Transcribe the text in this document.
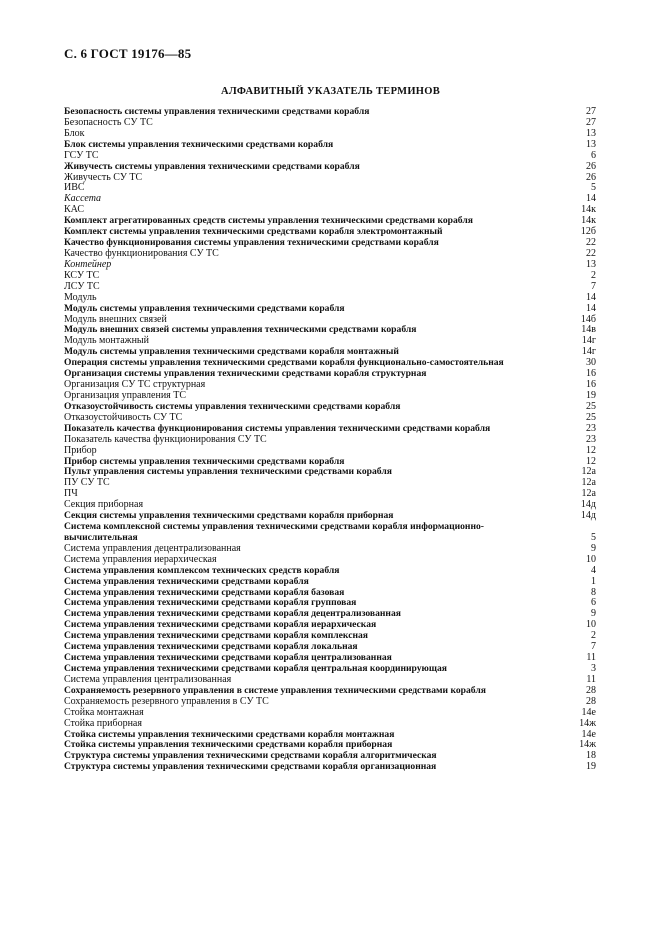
С. 6 ГОСТ 19176—85
АЛФАВИТНЫЙ УКАЗАТЕЛЬ ТЕРМИНОВ
Безопасность системы управления техническими средствами корабля	27
Безопасность СУ ТС	27
Блок	13
Блок системы управления техническими средствами корабля	13
ГСУ ТС	6
Живучесть системы управления техническими средствами корабля	26
Живучесть СУ ТС	26
ИВС	5
Кассета	14
КАС	14к
Комплект агрегатированных средств системы управления техническими средствами корабля	14к
Комплект системы управления техническими средствами корабля электромонтажный	12б
Качество функционирования системы управления техническими средствами корабля	22
Качество функционирования СУ ТС	22
Контейнер	13
КСУ ТС	2
ЛСУ ТС	7
Модуль	14
Модуль системы управления техническими средствами корабля	14
Модуль внешних связей	14б
Модуль внешних связей системы управления техническими средствами корабля	14в
Модуль монтажный	14г
Модуль системы управления техническими средствами корабля монтажный	14г
Операция системы управления техническими средствами корабля функционально-самостоятельная	30
Организация системы управления техническими средствами корабля структурная	16
Организация СУ ТС структурная	16
Организация управления ТС	19
Отказоустойчивость системы управления техническими средствами корабля	25
Отказоустойчивость СУ ТС	25
Показатель качества функционирования системы управления техническими средствами корабля	23
Показатель качества функционирования СУ ТС	23
Прибор	12
Прибор системы управления техническими средствами корабля	12
Пульт управления системы управления техническими средствами корабля	12а
ПУ СУ ТС	12а
ПЧ	12а
Секция приборная	14д
Секция системы управления техническими средствами корабля приборная	14д
Система комплексной системы управления техническими средствами корабля информационно-
вычислительная	5
Система управления децентрализованная	9
Система управления иерархическая	10
Система управления комплексом технических средств корабля	4
Система управления техническими средствами корабля	1
Система управления техническими средствами корабля базовая	8
Система управления техническими средствами корабля групповая	6
Система управления техническими средствами корабля децентрализованная	9
Система управления техническими средствами корабля иерархическая	10
Система управления техническими средствами корабля комплексная	2
Система управления техническими средствами корабля локальная	7
Система управления техническими средствами корабля централизованная	11
Система управления техническими средствами корабля центральная координирующая	3
Система управления централизованная	11
Сохраняемость резервного управления в системе управления техническими средствами корабля	28
Сохраняемость резервного управления в СУ ТС	28
Стойка монтажная	14е
Стойка приборная	14ж
Стойка системы управления техническими средствами корабля монтажная	14е
Стойка системы управления техническими средствами корабля приборная	14ж
Структура системы управления техническими средствами корабля алгоритмическая	18
Структура системы управления техническими средствами корабля организационная	19
